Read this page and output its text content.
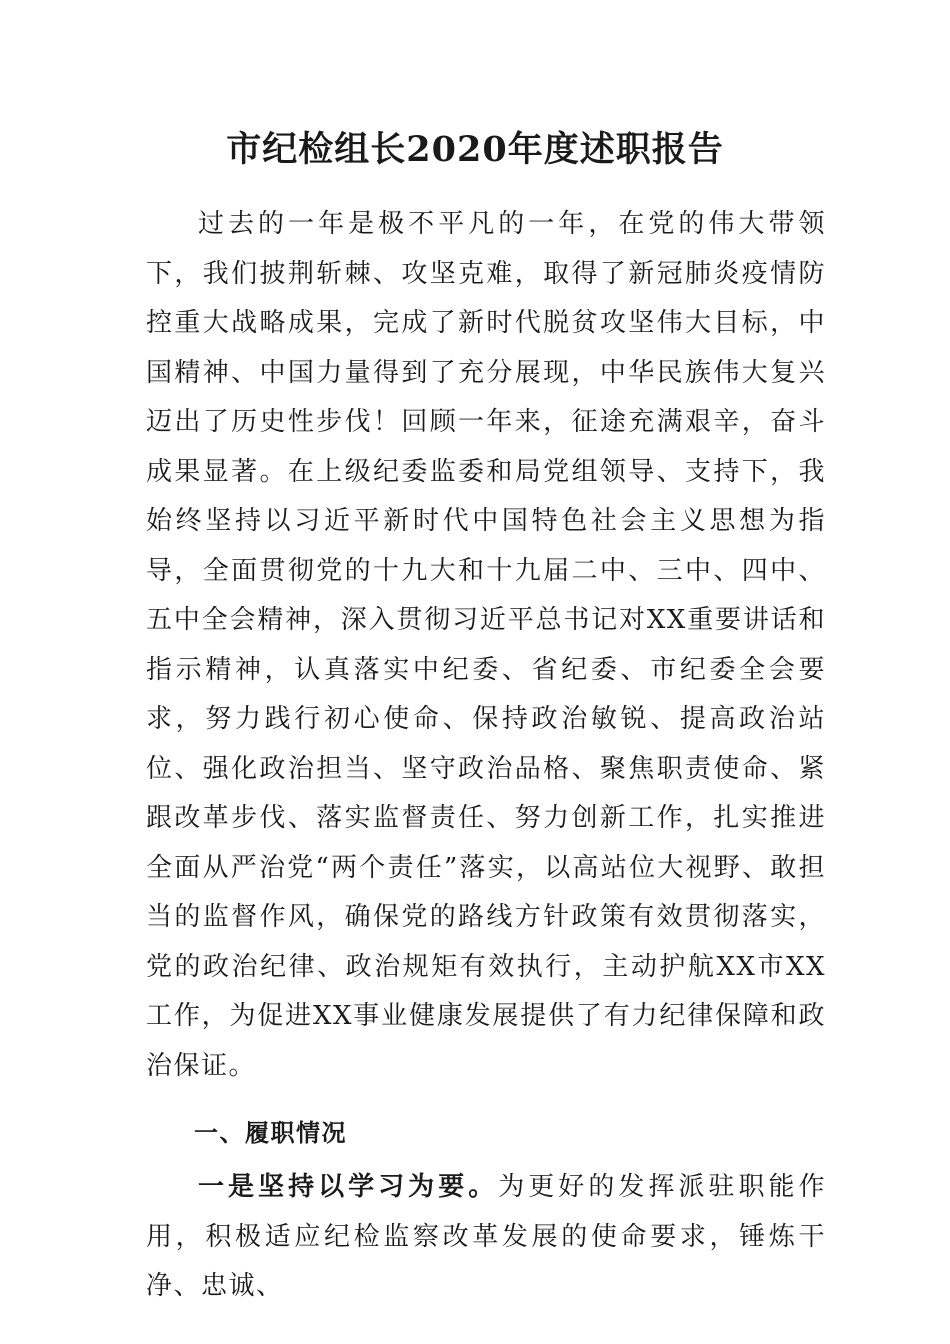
市纪检组长2020年度述职报告

过去的一年是极不平凡的一年，在党的伟大带领下，我们披荆斩棘、攻坚克难，取得了新冠肺炎疫情防控重大战略成果，完成了新时代脱贫攻坚伟大目标，中国精神、中国力量得到了充分展现，中华民族伟大复兴迈出了历史性步伐！回顾一年来，征途充满艰辛，奋斗成果显著。在上级纪委监委和局党组领导、支持下，我始终坚持以习近平新时代中国特色社会主义思想为指导，全面贯彻党的十九大和十九届二中、三中、四中、五中全会精神，深入贯彻习近平总书记对XX重要讲话和指示精神，认真落实中纪委、省纪委、市纪委全会要求，努力践行初心使命、保持政治敏锐、提高政治站位、强化政治担当、坚守政治品格、聚焦职责使命、紧跟改革步伐、落实监督责任、努力创新工作，扎实推进全面从严治党“两个责任”落实，以高站位大视野、敢担当的监督作风，确保党的路线方针政策有效贯彻落实，党的政治纪律、政治规矩有效执行，主动护航XX市XX工作，为促进XX事业健康发展提供了有力纪律保障和政治保证。

一、履职情况

一是坚持以学习为要。为更好的发挥派驻职能作用，积极适应纪检监察改革发展的使命要求，锤炼干净、忠诚、
